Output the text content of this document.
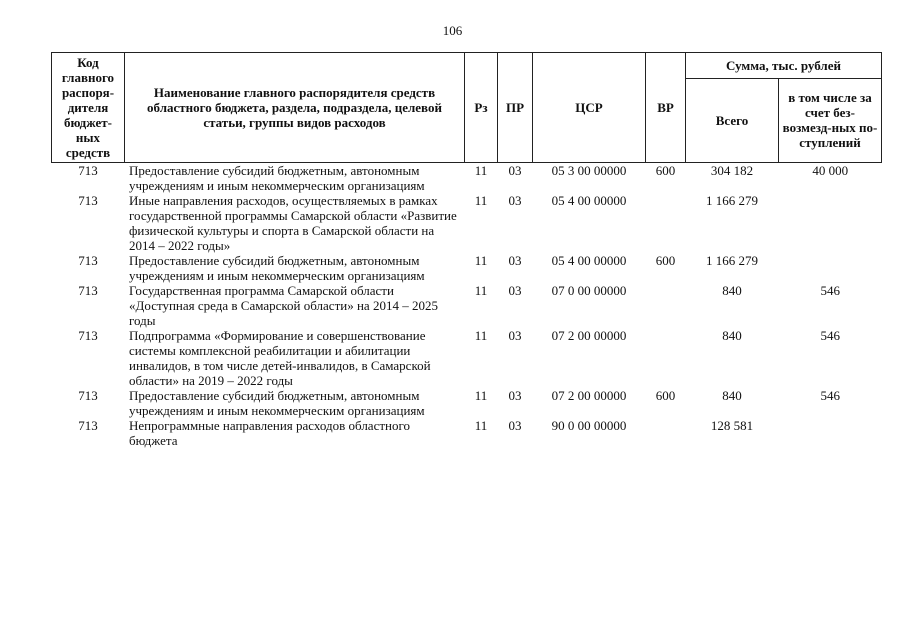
106
Код главного распоря-дителя бюджет-ных средств	Наименование главного распорядителя средств областного бюджета, раздела, подраздела, целевой статьи, группы видов расходов	Рз	ПР	ЦСР	ВР	Сумма, тыс. рублей	
						Всего	в том числе за счет без-возмезд-ных по-ступлений
713	Предоставление субсидий бюджетным, автономным учреждениям и иным некоммерческим организациям	11	03	05 3 00 00000	600	304 182	40 000
713	Иные направления расходов, осуществляемых в рамках государственной программы Самарской области «Развитие физической культуры и спорта в Самарской области на 2014 – 2022 годы»	11	03	05 4 00 00000		1 166 279	
713	Предоставление субсидий бюджетным, автономным учреждениям и иным некоммерческим организациям	11	03	05 4 00 00000	600	1 166 279	
713	Государственная программа Самарской области «Доступная среда в Самарской области» на 2014 – 2025 годы	11	03	07 0 00 00000		840	546
713	Подпрограмма «Формирование и совершенствование системы комплексной реабилитации и абилитации инвалидов, в том числе детей-инвалидов, в Самарской области» на 2019 – 2022 годы	11	03	07 2 00 00000		840	546
713	Предоставление субсидий бюджетным, автономным учреждениям и иным некоммерческим организациям	11	03	07 2 00 00000	600	840	546
713	Непрограммные направления расходов областного бюджета	11	03	90 0 00 00000		128 581	
